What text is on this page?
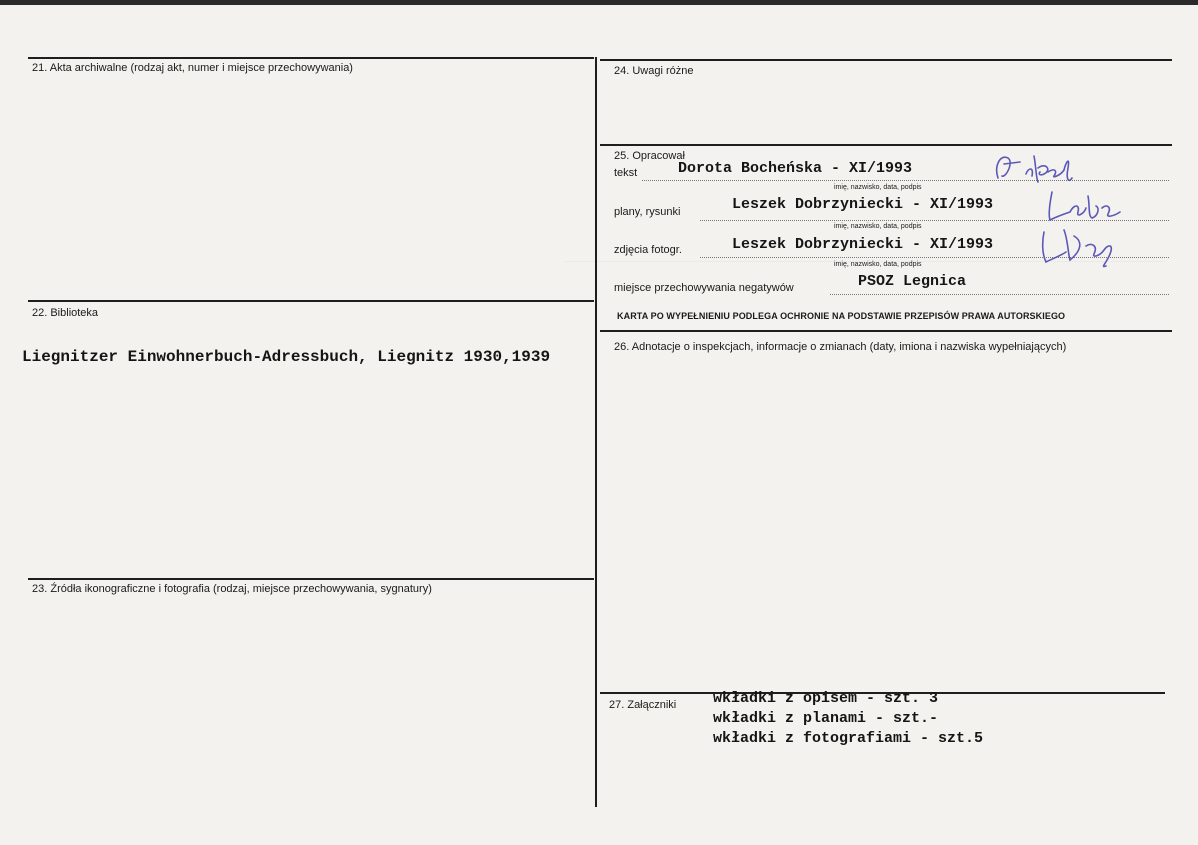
21. Akta archiwalne (rodzaj akt, numer i miejsce przechowywania)
22. Biblioteka
Liegnitzer Einwohnerbuch-Adressbuch, Liegnitz 1930,1939
23. Źródła ikonograficzne i fotografia (rodzaj, miejsce przechowywania, sygnatury)
24. Uwagi różne
25. Opracował
tekst	Dorota Bocheńska - XI/1993
imię, nazwisko, data, podpis
plany, rysunki	Leszek Dobrzyniecki - XI/1993
imię, nazwisko, data, podpis
zdjęcia fotogr.	Leszek Dobrzyniecki - XI/1993
imię, nazwisko, data, podpis
miejsce przechowywania negatywów	PSOZ Legnica
KARTA PO WYPEŁNIENIU PODLEGA OCHRONIE NA PODSTAWIE PRZEPISÓW PRAWA AUTORSKIEGO
26. Adnotacje o inspekcjach, informacje o zmianach (daty, imiona i nazwiska wypełniających)
27. Załączniki wkładki z opisem - szt. 3
wkładki z planami - szt.-
wkładki z fotografiami - szt.5
